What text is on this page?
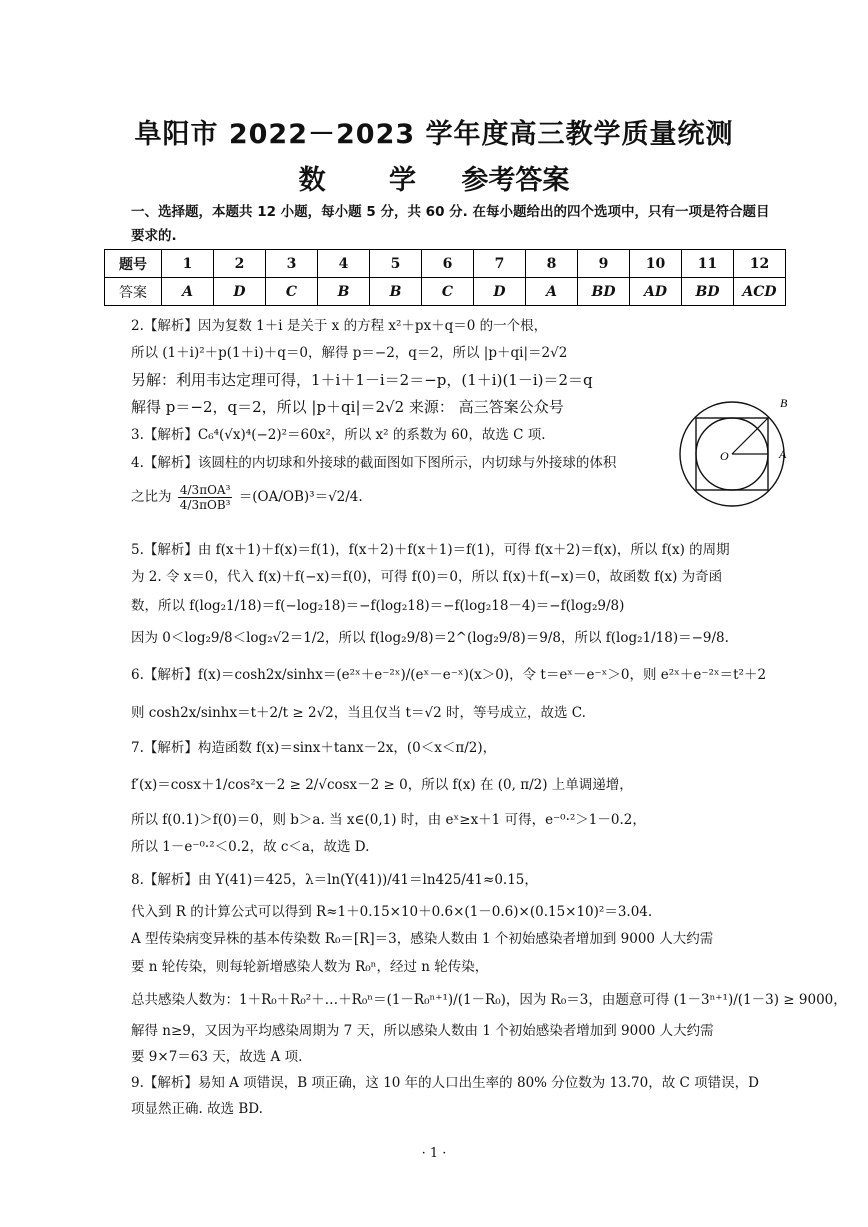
阜阳市 2022－2023 学年度高三教学质量统测
数 学 参考答案
一、选择题，本题共 12 小题，每小题 5 分，共 60 分. 在每小题给出的四个选项中，只有一项是符合题目要求的.
题号	1	2	3	4	5	6	7	8	9	10	11	12
答案	A	D	C	B	B	C	D	A	BD	AD	BD	ACD
2.【解析】因为复数 1＋i 是关于 x 的方程 x²＋px＋q＝0 的一个根，
所以 (1＋i)²＋p(1＋i)＋q＝0，解得 p＝−2，q＝2，所以 |p＋qi|＝2√2
另解：利用韦达定理可得，1＋i＋1－i＝2＝−p，(1＋i)(1－i)＝2＝q
解得 p＝−2，q＝2，所以 |p＋qi|＝2√2 来源： 高三答案公众号
3.【解析】C₆⁴(√x)⁴(−2)²＝60x²，所以 x² 的系数为 60，故选 C 项.
4.【解析】该圆柱的内切球和外接球的截面图如下图所示，内切球与外接球的体积
之比为 $\frac{\text{4/3πOA³}}{\text{4/3πOB³}} =(OA/OB)^3=√2/4$.
5.【解析】由 f(x＋1)＋f(x)＝f(1)，f(x＋2)＋f(x＋1)＝f(1)，可得 f(x＋2)＝f(x)，所以 f(x) 的周期
为 2. 令 x＝0，代入 f(x)＋f(−x)＝f(0)，可得 f(0)＝0，所以 f(x)＋f(−x)＝0，故函数 f(x) 为奇函
数，所以 f(log₂1/18)＝f(−log₂18)＝−f(log₂18)＝−f(log₂18－4)＝−f(log₂9/8)
因为 0＜log₂9/8＜log₂√2＝1/2，所以 f(log₂9/8)＝2^(log₂9/8)＝9/8，所以 f(log₂1/18)＝−9/8.
6.【解析】f(x)＝cosh2x/sinhx＝(e²ˣ＋e⁻²ˣ)/(eˣ－e⁻ˣ)(x＞0)，令 t＝eˣ－e⁻ˣ＞0，则 e²ˣ＋e⁻²ˣ＝t²＋2
则 cosh2x/sinhx＝t＋2/t ≥ 2√2，当且仅当 t＝√2 时，等号成立，故选 C.
7.【解析】构造函数 f(x)＝sinx＋tanx－2x，(0＜x＜π/2)，
f′(x)＝cosx＋1/cos²x－2 ≥ 2/√cosx－2 ≥ 0，所以 f(x) 在 (0, π/2) 上单调递增，
所以 f(0.1)＞f(0)＝0，则 b＞a. 当 x∈(0,1) 时，由 eˣ≥x＋1 可得，e⁻⁰·²＞1－0.2，
所以 1－e⁻⁰·²＜0.2，故 c＜a，故选 D.
8.【解析】由 Y(41)＝425，λ＝ln(Y(41))/41＝ln425/41≈0.15，
代入到 R 的计算公式可以得到 R≈1＋0.15×10＋0.6×(1－0.6)×(0.15×10)²＝3.04.
A 型传染病变异株的基本传染数 R₀＝[R]＝3，感染人数由 1 个初始感染者增加到 9000 人大约需
要 n 轮传染，则每轮新增感染人数为 R₀ⁿ，经过 n 轮传染，
总共感染人数为：1＋R₀＋R₀²＋…＋R₀ⁿ＝(1－R₀ⁿ⁺¹)/(1－R₀)，因为 R₀＝3，由题意可得 (1－3ⁿ⁺¹)/(1－3) ≥ 9000，
解得 n≥9，又因为平均感染周期为 7 天，所以感染人数由 1 个初始感染者增加到 9000 人大约需
要 9×7＝63 天，故选 A 项.
9.【解析】易知 A 项错误，B 项正确，这 10 年的人口出生率的 80% 分位数为 13.70，故 C 项错误，D
项显然正确. 故选 BD.
B
O	A
· 1 ·
